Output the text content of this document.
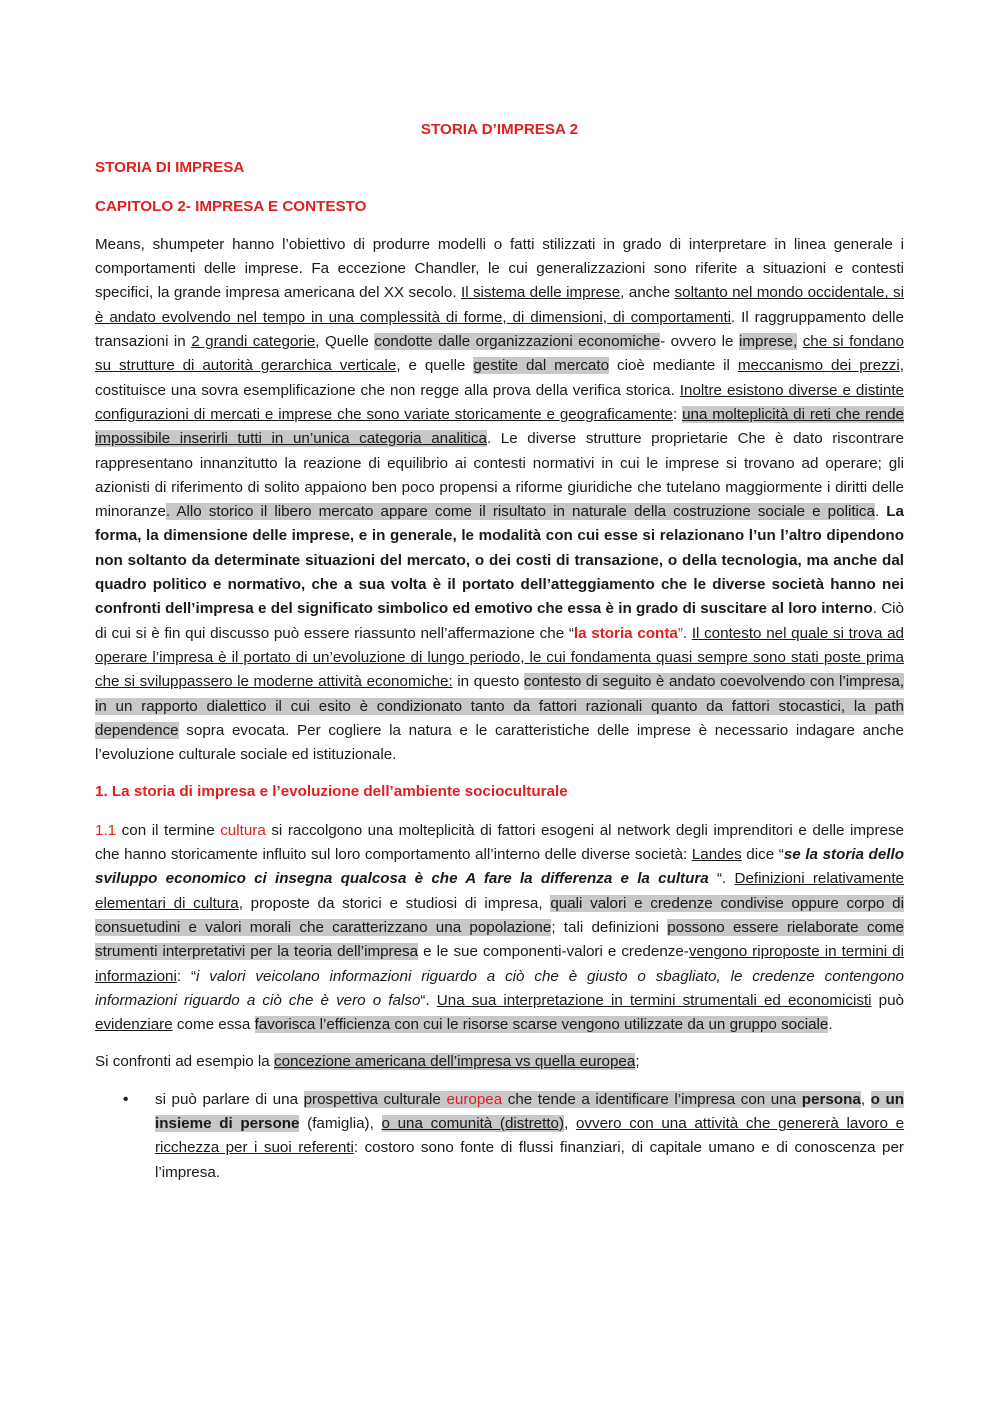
STORIA D’IMPRESA 2
STORIA DI IMPRESA
CAPITOLO 2- IMPRESA E CONTESTO

Means, shumpeter hanno l’obiettivo di produrre modelli o fatti stilizzati in grado di interpretare in linea generale i comportamenti delle imprese. Fa eccezione Chandler, le cui generalizzazioni sono riferite a situazioni e contesti specifici, la grande impresa americana del XX secolo. Il sistema delle imprese, anche soltanto nel mondo occidentale, si è andato evolvendo nel tempo in una complessità di forme, di dimensioni, di comportamenti. Il raggruppamento delle transazioni in 2 grandi categorie, Quelle condotte dalle organizzazioni economiche- ovvero le imprese, che si fondano su strutture di autorità gerarchica verticale, e quelle gestite dal mercato cioè mediante il meccanismo dei prezzi, costituisce una sovra esemplificazione che non regge alla prova della verifica storica. Inoltre esistono diverse e distinte configurazioni di mercati e imprese che sono variate storicamente e geograficamente: una molteplicità di reti che rende impossibile inserirli tutti in un’unica categoria analitica. Le diverse strutture proprietarie Che è dato riscontrare rappresentano innanzitutto la reazione di equilibrio ai contesti normativi in cui le imprese si trovano ad operare; gli azionisti di riferimento di solito appaiono ben poco propensi a riforme giuridiche che tutelano maggiormente i diritti delle minoranze. Allo storico il libero mercato appare come il risultato in naturale della costruzione sociale e politica. La forma, la dimensione delle imprese, e in generale, le modalità con cui esse si relazionano l’un l’altro dipendono non soltanto da determinate situazioni del mercato, o dei costi di transazione, o della tecnologia, ma anche dal quadro politico e normativo, che a sua volta è il portato dell’atteggiamento che le diverse società hanno nei confronti dell’impresa e del significato simbolico ed emotivo che essa è in grado di suscitare al loro interno. Ciò di cui si è fin qui discusso può essere riassunto nell’affermazione che “la storia conta”. Il contesto nel quale si trova ad operare l’impresa è il portato di un’evoluzione di lungo periodo, le cui fondamenta quasi sempre sono stati poste prima che si sviluppassero le moderne attività economiche: in questo contesto di seguito è andato coevolvendo con l’impresa, in un rapporto dialettico il cui esito è condizionato tanto da fattori razionali quanto da fattori stocastici, la path dependence sopra evocata. Per cogliere la natura e le caratteristiche delle imprese è necessario indagare anche l’evoluzione culturale sociale ed istituzionale.

1. La storia di impresa e l’evoluzione dell’ambiente socioculturale

1.1 con il termine cultura si raccolgono una molteplicità di fattori esogeni al network degli imprenditori e delle imprese che hanno storicamente influito sul loro comportamento all’interno delle diverse società: Landes dice “se la storia dello sviluppo economico ci insegna qualcosa è che A fare la differenza e la cultura “. Definizioni relativamente elementari di cultura, proposte da storici e studiosi di impresa, quali valori e credenze condivise oppure corpo di consuetudini e valori morali che caratterizzano una popolazione; tali definizioni possono essere rielaborate come strumenti interpretativi per la teoria dell’impresa e le sue componenti-valori e credenze-vengono riproposte in termini di informazioni: “i valori veicolano informazioni riguardo a ciò che è giusto o sbagliato, le credenze contengono informazioni riguardo a ciò che è vero o falso“. Una sua interpretazione in termini strumentali ed economicisti può evidenziare come essa favorisca l’efficienza con cui le risorse scarse vengono utilizzate da un gruppo sociale.

Si confronti ad esempio la concezione americana dell’impresa vs quella europea;

•	si può parlare di una prospettiva culturale europea che tende a identificare l’impresa con una persona, o un insieme di persone (famiglia), o una comunità (distretto), ovvero con una attività che genererà lavoro e ricchezza per i suoi referenti: costoro sono fonte di flussi finanziari, di capitale umano e di conoscenza per l’impresa.
